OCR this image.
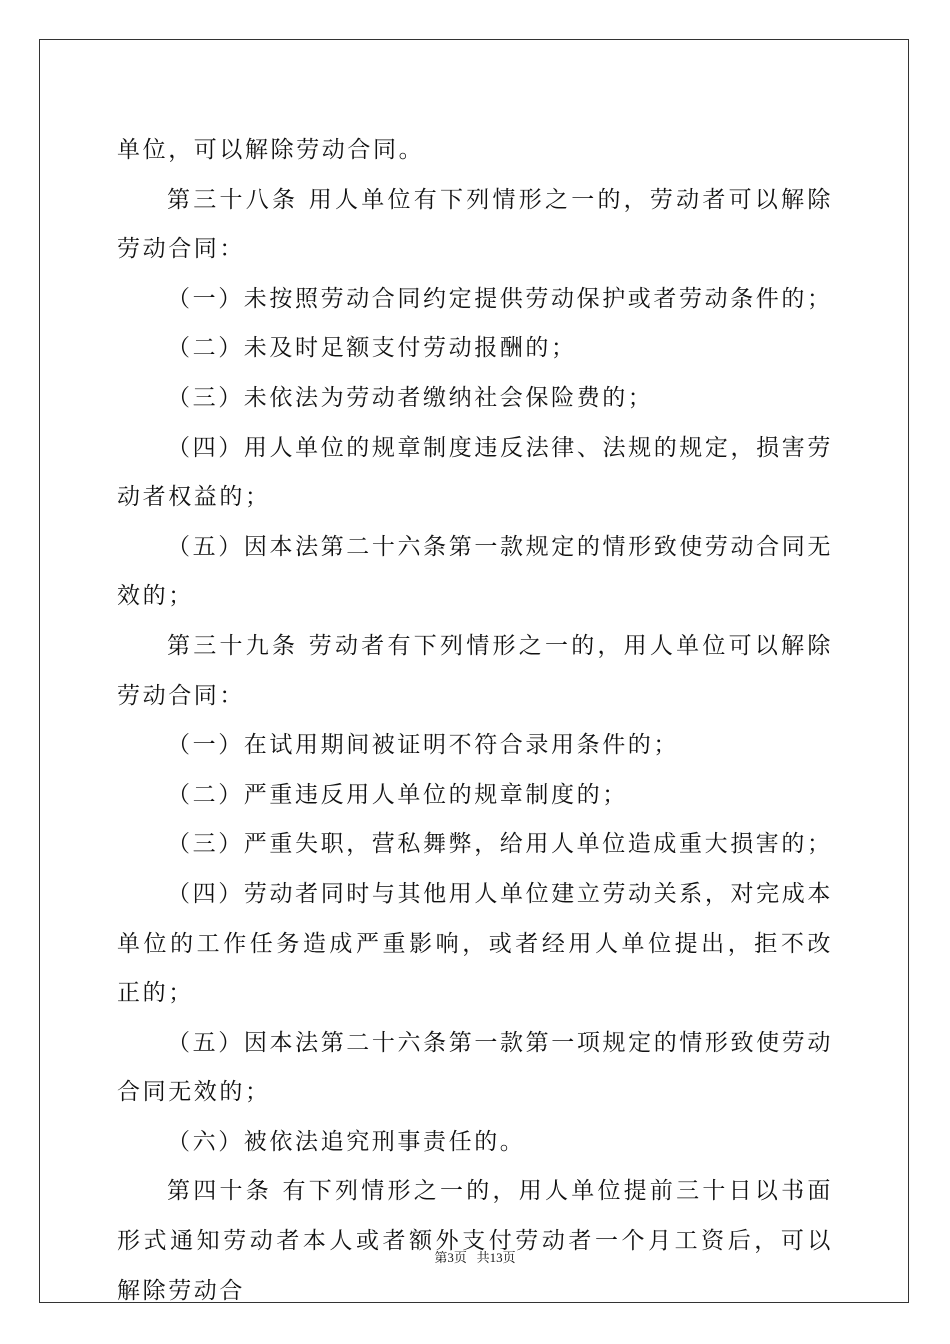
单位，可以解除劳动合同。

第三十八条 用人单位有下列情形之一的，劳动者可以解除劳动合同：

（一）未按照劳动合同约定提供劳动保护或者劳动条件的；

（二）未及时足额支付劳动报酬的；

（三）未依法为劳动者缴纳社会保险费的；

（四）用人单位的规章制度违反法律、法规的规定，损害劳动者权益的；

（五）因本法第二十六条第一款规定的情形致使劳动合同无效的；

第三十九条 劳动者有下列情形之一的，用人单位可以解除劳动合同：

（一）在试用期间被证明不符合录用条件的；

（二）严重违反用人单位的规章制度的；

（三）严重失职，营私舞弊，给用人单位造成重大损害的；

（四）劳动者同时与其他用人单位建立劳动关系，对完成本单位的工作任务造成严重影响，或者经用人单位提出，拒不改正的；

（五）因本法第二十六条第一款第一项规定的情形致使劳动合同无效的；

（六）被依法追究刑事责任的。

第四十条 有下列情形之一的，用人单位提前三十日以书面形式通知劳动者本人或者额外支付劳动者一个月工资后，可以解除劳动合

第3页 共13页
